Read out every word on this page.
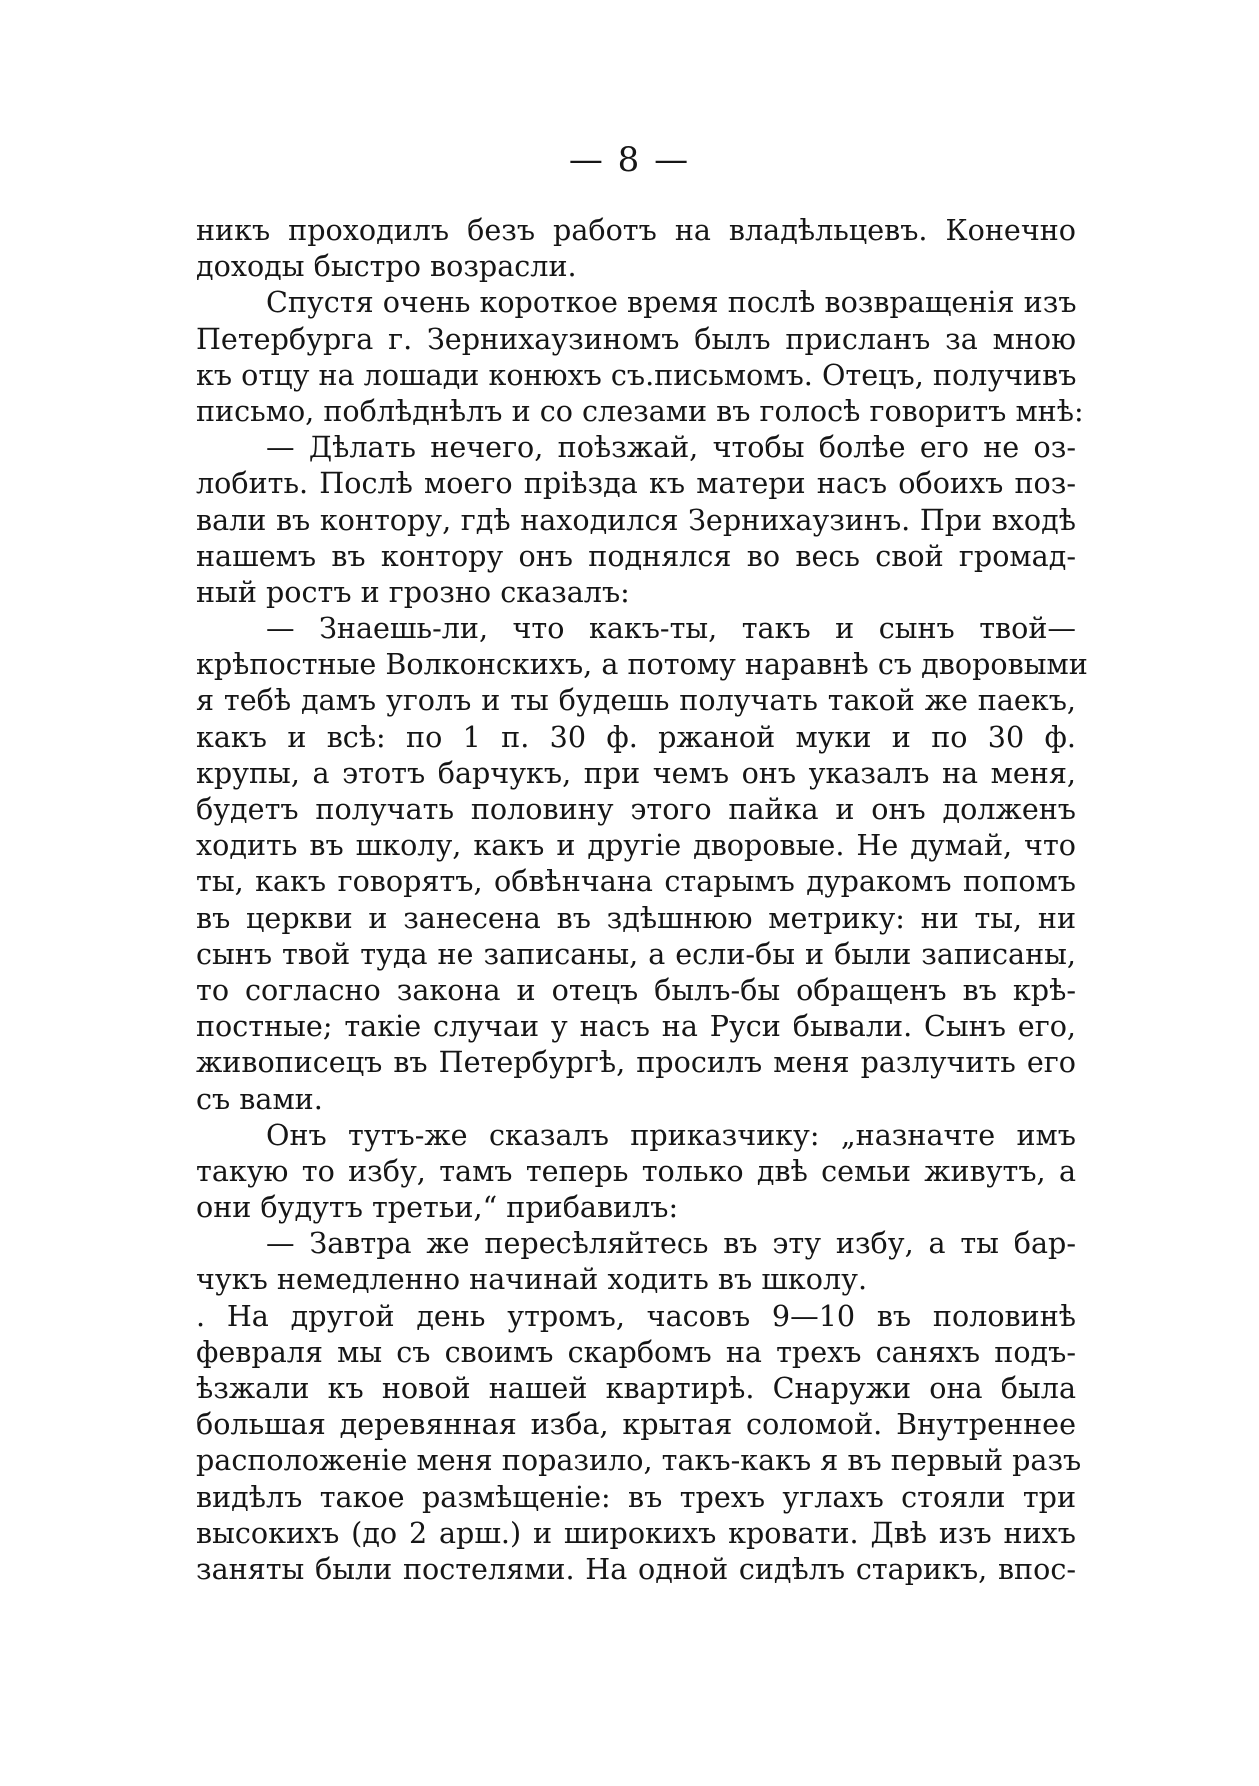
— 8 —
никъ проходилъ безъ работъ на владѣльцевъ. Конечно
доходы быстро возрасли.
Спустя очень короткое время послѣ возвращенія изъ
Петербурга г. Зернихаузиномъ былъ присланъ за мною
къ отцу на лошади конюхъ съ.письмомъ. Отецъ, получивъ
письмо, поблѣднѣлъ и со слезами въ голосѣ говоритъ мнѣ:
— Дѣлать нечего, поѣзжай, чтобы болѣе его не оз-
лобить. Послѣ моего пріѣзда къ матери насъ обоихъ поз-
вали въ контору, гдѣ находился Зернихаузинъ. При входѣ
нашемъ въ контору онъ поднялся во весь свой громад-
ный ростъ и грозно сказалъ:
— Знаешь-ли, что какъ-ты, такъ и сынъ твой—
крѣпостные Волконскихъ, а потому наравнѣ съ дворовыми
я тебѣ дамъ уголъ и ты будешь получать такой же паекъ,
какъ и всѣ: по 1 п. 30 ф. ржаной муки и по 30 ф.
крупы, а этотъ барчукъ, при чемъ онъ указалъ на меня,
будетъ получать половину этого пайка и онъ долженъ
ходить въ школу, какъ и другіе дворовые. Не думай, что
ты, какъ говорятъ, обвѣнчана старымъ дуракомъ попомъ
въ церкви и занесена въ здѣшнюю метрику: ни ты, ни
сынъ твой туда не записаны, а если-бы и были записаны,
то согласно закона и отецъ былъ-бы обращенъ въ крѣ-
постные; такіе случаи у насъ на Руси бывали. Сынъ его,
живописецъ въ Петербургѣ, просилъ меня разлучить его
съ вами.
Онъ тутъ-же сказалъ приказчику: „назначте имъ
такую то избу, тамъ теперь только двѣ семьи живутъ, а
они будутъ третьи,“ прибавилъ:
— Завтра же пересѣляйтесь въ эту избу, а ты бар-
чукъ немедленно начинай ходить въ школу.
. На другой день утромъ, часовъ 9—10 въ половинѣ
февраля мы съ своимъ скарбомъ на трехъ саняхъ подъ-
ѣзжали къ новой нашей квартирѣ. Снаружи она была
большая деревянная изба, крытая соломой. Внутреннее
расположеніе меня поразило, такъ-какъ я въ первый разъ
видѣлъ такое размѣщеніе: въ трехъ углахъ стояли три
высокихъ (до 2 арш.) и широкихъ кровати. Двѣ изъ нихъ
заняты были постелями. На одной сидѣлъ старикъ, впос-
